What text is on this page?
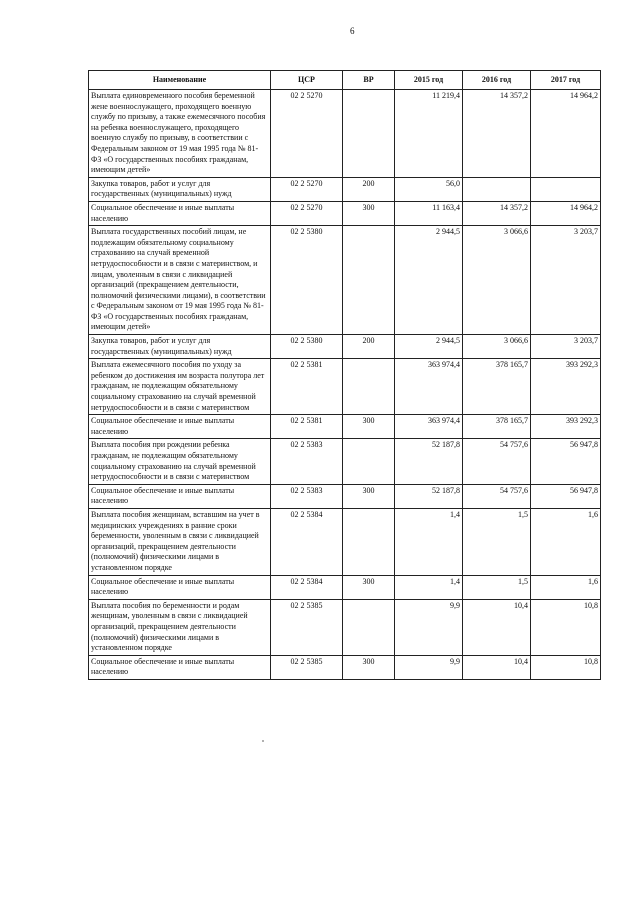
6
Наименование	ЦСР	ВР	2015 год	2016 год	2017 год
Выплата единовременного пособия беременной жене военнослужащего, проходящего военную службу по призыву, а также ежемесячного пособия на ребенка военнослужащего, проходящего военную службу по призыву, в соответствии с Федеральным законом от 19 мая 1995 года № 81-ФЗ «О государственных пособиях гражданам, имеющим детей»	02 2 5270		11 219,4	14 357,2	14 964,2
Закупка товаров, работ и услуг для государственных (муниципальных) нужд	02 2 5270	200	56,0		
Социальное обеспечение и иные выплаты населению	02 2 5270	300	11 163,4	14 357,2	14 964,2
Выплата государственных пособий лицам, не подлежащим обязательному социальному страхованию на случай временной нетрудоспособности и в связи с материнством, и лицам, уволенным в связи с ликвидацией организаций (прекращением деятельности, полномочий физическими лицами), в соответствии с Федеральным законом от 19 мая 1995 года № 81-ФЗ «О государственных пособиях гражданам, имеющим детей»	02 2 5380		2 944,5	3 066,6	3 203,7
Закупка товаров, работ и услуг для государственных (муниципальных) нужд	02 2 5380	200	2 944,5	3 066,6	3 203,7
Выплата ежемесячного пособия по уходу за ребенком до достижения им возраста полутора лет гражданам, не подлежащим обязательному социальному страхованию на случай временной нетрудоспособности и в связи с материнством	02 2 5381		363 974,4	378 165,7	393 292,3
Социальное обеспечение и иные выплаты населению	02 2 5381	300	363 974,4	378 165,7	393 292,3
Выплата пособия при рождении ребенка гражданам, не подлежащим обязательному социальному страхованию на случай временной нетрудоспособности и в связи с материнством	02 2 5383		52 187,8	54 757,6	56 947,8
Социальное обеспечение и иные выплаты населению	02 2 5383	300	52 187,8	54 757,6	56 947,8
Выплата пособия женщинам, вставшим на учет в медицинских учреждениях в ранние сроки беременности, уволенным в связи с ликвидацией организаций, прекращением деятельности (полномочий) физическими лицами в установленном порядке	02 2 5384		1,4	1,5	1,6
Социальное обеспечение и иные выплаты населению	02 2 5384	300	1,4	1,5	1,6
Выплата пособия по беременности и родам женщинам, уволенным в связи с ликвидацией организаций, прекращением деятельности (полномочий) физическими лицами в установленном порядке	02 2 5385		9,9	10,4	10,8
Социальное обеспечение и иные выплаты населению	02 2 5385	300	9,9	10,4	10,8
